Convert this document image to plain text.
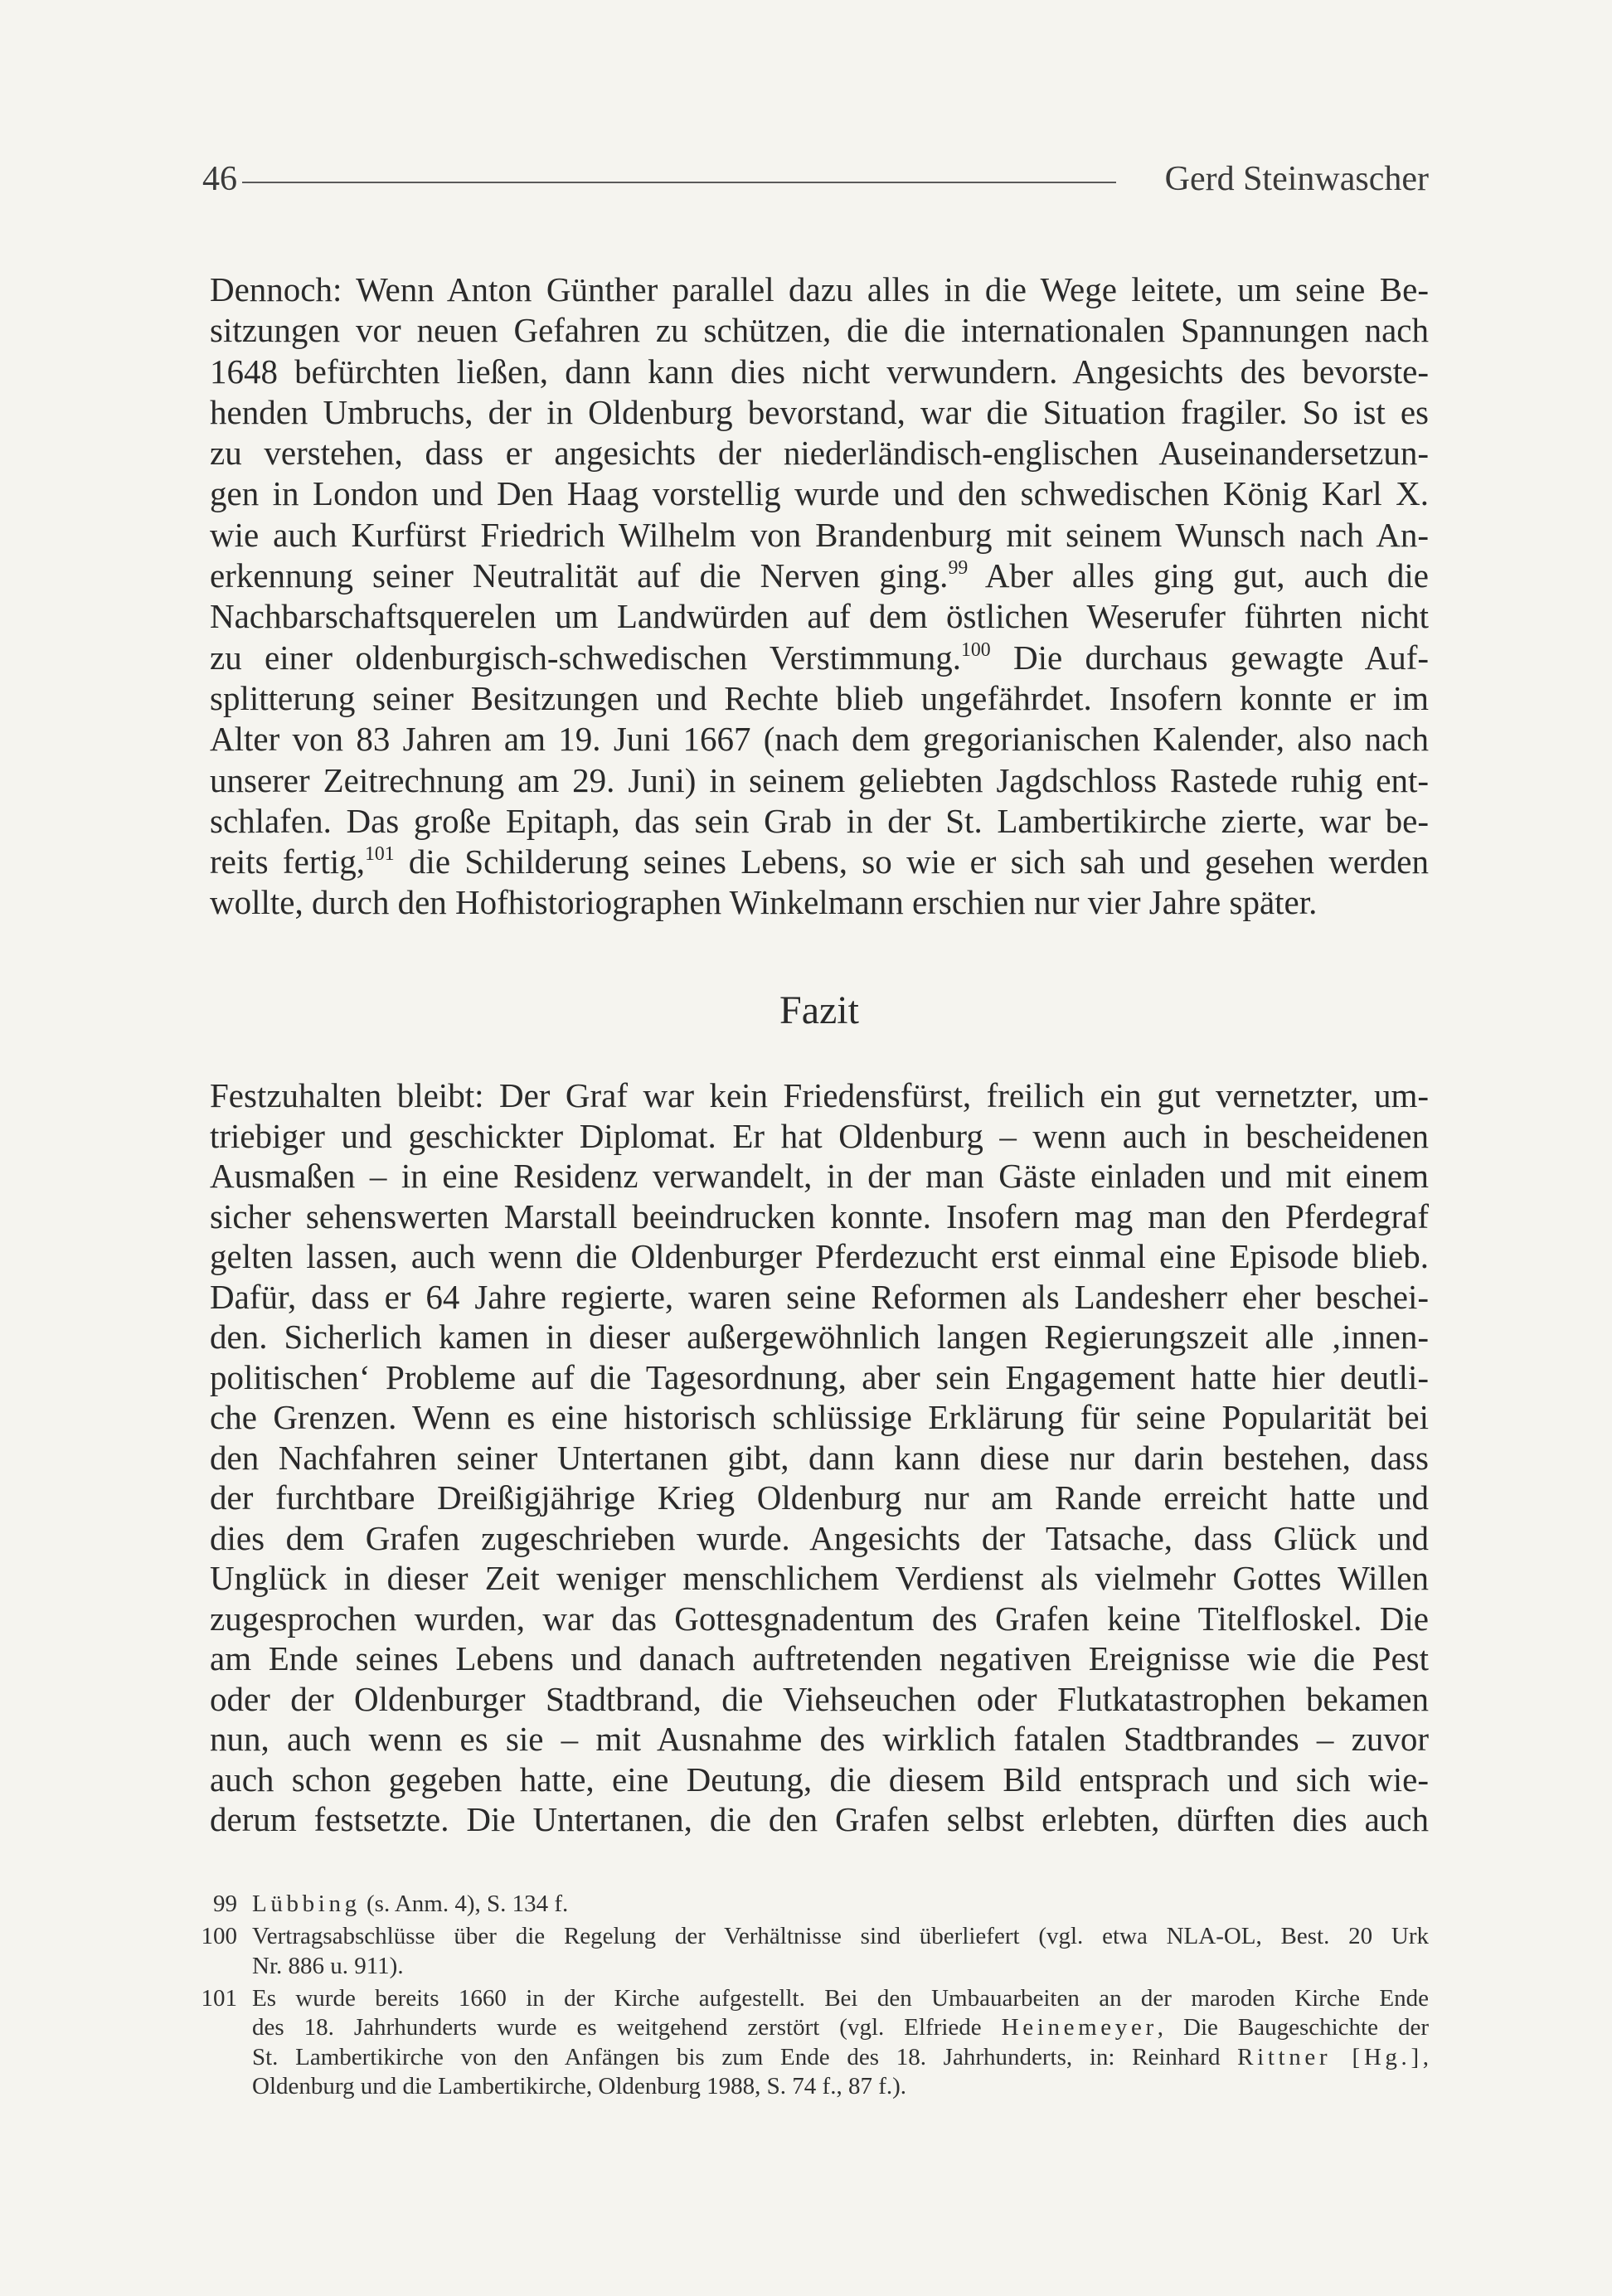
46	Gerd Steinwascher
Dennoch: Wenn Anton Günther parallel dazu alles in die Wege leitete, um seine Be-
sitzungen vor neuen Gefahren zu schützen, die die internationalen Spannungen nach
1648 befürchten ließen, dann kann dies nicht verwundern. Angesichts des bevorste-
henden Umbruchs, der in Oldenburg bevorstand, war die Situation fragiler. So ist es
zu verstehen, dass er angesichts der niederländisch-englischen Auseinandersetzun-
gen in London und Den Haag vorstellig wurde und den schwedischen König Karl X.
wie auch Kurfürst Friedrich Wilhelm von Brandenburg mit seinem Wunsch nach An-
erkennung seiner Neutralität auf die Nerven ging.$^{99}$ Aber alles ging gut, auch die
Nachbarschaftsquerelen um Landwürden auf dem östlichen Weserufer führten nicht
zu einer oldenburgisch-schwedischen Verstimmung.$^{100}$ Die durchaus gewagte Auf-
splitterung seiner Besitzungen und Rechte blieb ungefährdet. Insofern konnte er im
Alter von 83 Jahren am 19. Juni 1667 (nach dem gregorianischen Kalender, also nach
unserer Zeitrechnung am 29. Juni) in seinem geliebten Jagdschloss Rastede ruhig ent-
schlafen. Das große Epitaph, das sein Grab in der St. Lambertikirche zierte, war be-
reits fertig,$^{101}$ die Schilderung seines Lebens, so wie er sich sah und gesehen werden
wollte, durch den Hofhistoriographen Winkelmann erschien nur vier Jahre später.
Fazit
Festzuhalten bleibt: Der Graf war kein Friedensfürst, freilich ein gut vernetzter, um-
triebiger und geschickter Diplomat. Er hat Oldenburg – wenn auch in bescheidenen
Ausmaßen – in eine Residenz verwandelt, in der man Gäste einladen und mit einem
sicher sehenswerten Marstall beeindrucken konnte. Insofern mag man den Pferdegraf
gelten lassen, auch wenn die Oldenburger Pferdezucht erst einmal eine Episode blieb.
Dafür, dass er 64 Jahre regierte, waren seine Reformen als Landesherr eher beschei-
den. Sicherlich kamen in dieser außergewöhnlich langen Regierungszeit alle ‚innen-
politischen‘ Probleme auf die Tagesordnung, aber sein Engagement hatte hier deutli-
che Grenzen. Wenn es eine historisch schlüssige Erklärung für seine Popularität bei
den Nachfahren seiner Untertanen gibt, dann kann diese nur darin bestehen, dass
der furchtbare Dreißigjährige Krieg Oldenburg nur am Rande erreicht hatte und
dies dem Grafen zugeschrieben wurde. Angesichts der Tatsache, dass Glück und
Unglück in dieser Zeit weniger menschlichem Verdienst als vielmehr Gottes Willen
zugesprochen wurden, war das Gottesgnadentum des Grafen keine Titelfloskel. Die
am Ende seines Lebens und danach auftretenden negativen Ereignisse wie die Pest
oder der Oldenburger Stadtbrand, die Viehseuchen oder Flutkatastrophen bekamen
nun, auch wenn es sie – mit Ausnahme des wirklich fatalen Stadtbrandes – zuvor
auch schon gegeben hatte, eine Deutung, die diesem Bild entsprach und sich wie-
derum festsetzte. Die Untertanen, die den Grafen selbst erlebten, dürften dies auch
99 Lübbing (s. Anm. 4), S. 134 f.
100 Vertragsabschlüsse über die Regelung der Verhältnisse sind überliefert (vgl. etwa NLA-OL, Best. 20 Urk
Nr. 886 u. 911).
101 Es wurde bereits 1660 in der Kirche aufgestellt. Bei den Umbauarbeiten an der maroden Kirche Ende
des 18. Jahrhunderts wurde es weitgehend zerstört (vgl. Elfriede Heinemeyer, Die Baugeschichte der
St. Lambertikirche von den Anfängen bis zum Ende des 18. Jahrhunderts, in: Reinhard Rittner [Hg.],
Oldenburg und die Lambertikirche, Oldenburg 1988, S. 74 f., 87 f.).
